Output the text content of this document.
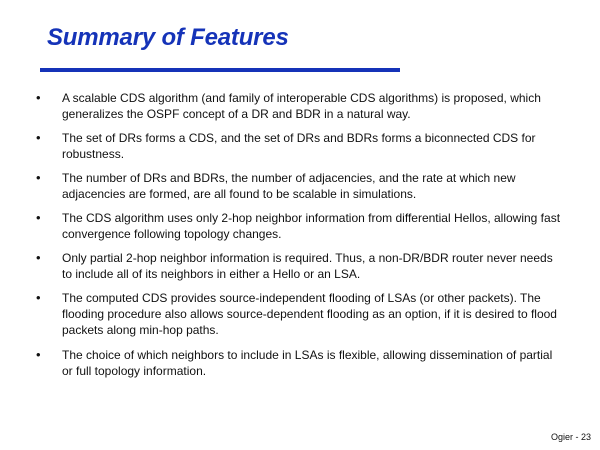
Summary of Features
• A scalable CDS algorithm (and family of interoperable CDS algorithms) is proposed, which generalizes the OSPF concept of a DR and BDR in a natural way.
• The set of DRs forms a CDS, and the set of DRs and BDRs forms a biconnected CDS for robustness.
• The number of DRs and BDRs, the number of adjacencies, and the rate at which new adjacencies are formed, are all found to be scalable in simulations.
• The CDS algorithm uses only 2-hop neighbor information from differential Hellos, allowing fast convergence following topology changes.
• Only partial 2-hop neighbor information is required. Thus, a non-DR/BDR router never needs to include all of its neighbors in either a Hello or an LSA.
• The computed CDS provides source-independent flooding of LSAs (or other packets). The flooding procedure also allows source-dependent flooding as an option, if it is desired to flood packets along min-hop paths.
• The choice of which neighbors to include in LSAs is flexible, allowing dissemination of partial or full topology information.
Ogier - 23
